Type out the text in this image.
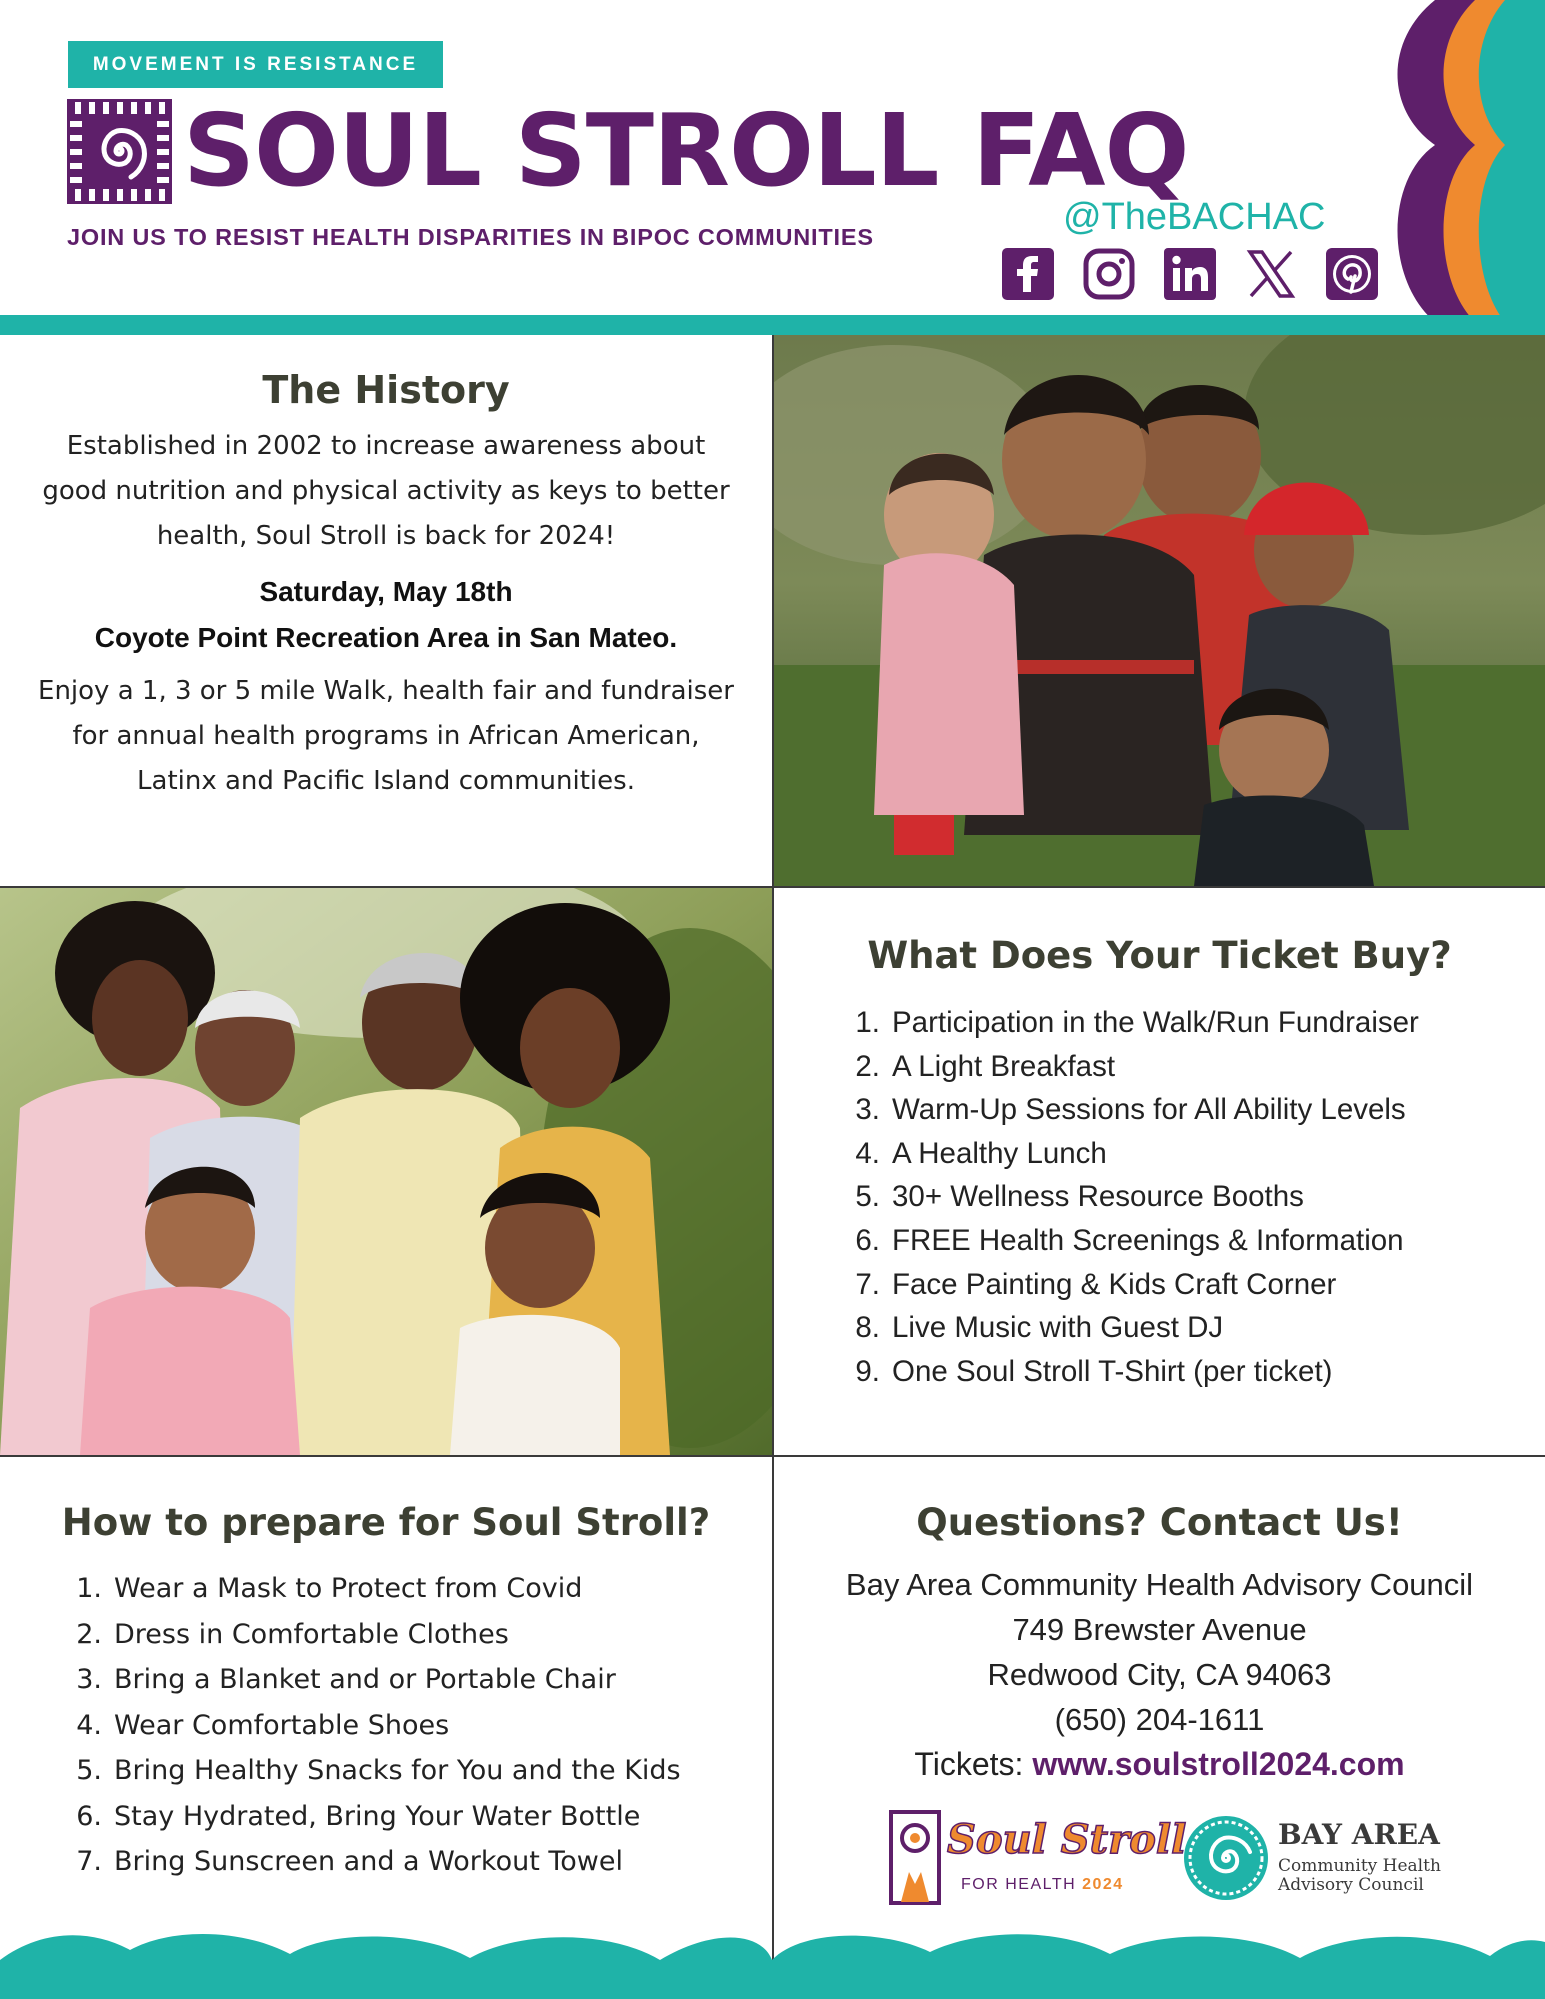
MOVEMENT IS RESISTANCE
SOUL STROLL FAQ
JOIN US TO RESIST HEALTH DISPARITIES IN BIPOC COMMUNITIES	@TheBACHAC
The History
Established in 2002 to increase awareness about good nutrition and physical activity as keys to better health, Soul Stroll is back for 2024!
Saturday, May 18th
Coyote Point Recreation Area in San Mateo.
Enjoy a 1, 3 or 5 mile Walk, health fair and fundraiser for annual health programs in African American, Latinx and Pacific Island communities.
What Does Your Ticket Buy?
1. Participation in the Walk/Run Fundraiser
2. A Light Breakfast
3. Warm-Up Sessions for All Ability Levels
4. A Healthy Lunch
5. 30+ Wellness Resource Booths
6. FREE Health Screenings & Information
7. Face Painting & Kids Craft Corner
8. Live Music with Guest DJ
9. One Soul Stroll T-Shirt (per ticket)
How to prepare for Soul Stroll?
1. Wear a Mask to Protect from Covid
2. Dress in Comfortable Clothes
3. Bring a Blanket and or Portable Chair
4. Wear Comfortable Shoes
5. Bring Healthy Snacks for You and the Kids
6. Stay Hydrated, Bring Your Water Bottle
7. Bring Sunscreen and a Workout Towel
Questions? Contact Us!
Bay Area Community Health Advisory Council
749 Brewster Avenue
Redwood City, CA 94063
(650) 204-1611
Tickets: www.soulstroll2024.com
Soul Stroll
FOR HEALTH 2024
BAY AREA
Community Health
Advisory Council
